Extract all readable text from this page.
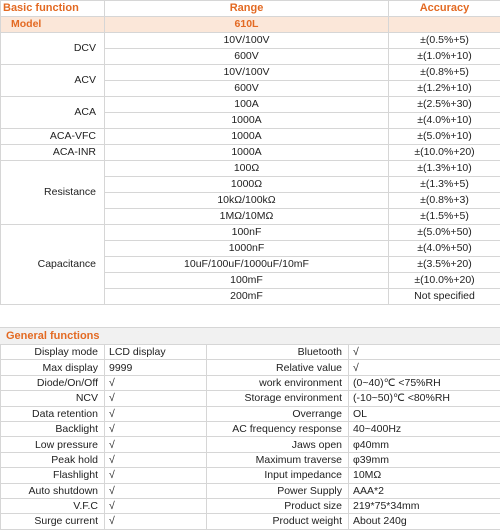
Basic function	Range	Accuracy
Model	610L	
DCV	10V/100V	±(0.5%+5)
	600V	±(1.0%+10)
ACV	10V/100V	±(0.8%+5)
	600V	±(1.2%+10)
ACA	100A	±(2.5%+30)
	1000A	±(4.0%+10)
ACA-VFC	1000A	±(5.0%+10)
ACA-INR	1000A	±(10.0%+20)
Resistance	100Ω	±(1.3%+10)
	1000Ω	±(1.3%+5)
	10kΩ/100kΩ	±(0.8%+3)
	1MΩ/10MΩ	±(1.5%+5)
Capacitance	100nF	±(5.0%+50)
	1000nF	±(4.0%+50)
	10uF/100uF/1000uF/10mF	±(3.5%+20)
	100mF	±(10.0%+20)
	200mF	Not specified
General functions
Display mode	LCD display	Bluetooth	√
Max display	9999	Relative value	√
Diode/On/Off	√	work environment	(0~40)℃ <75%RH
NCV	√	Storage environment	(-10~50)℃ <80%RH
Data retention	√	Overrange	OL
Backlight	√	AC frequency response	40~400Hz
Low pressure	√	Jaws open	φ40mm
Peak hold	√	Maximum traverse	φ39mm
Flashlight	√	Input impedance	10MΩ
Auto shutdown	√	Power Supply	AAA*2
V.F.C	√	Product size	219*75*34mm
Surge current	√	Product weight	About 240g
